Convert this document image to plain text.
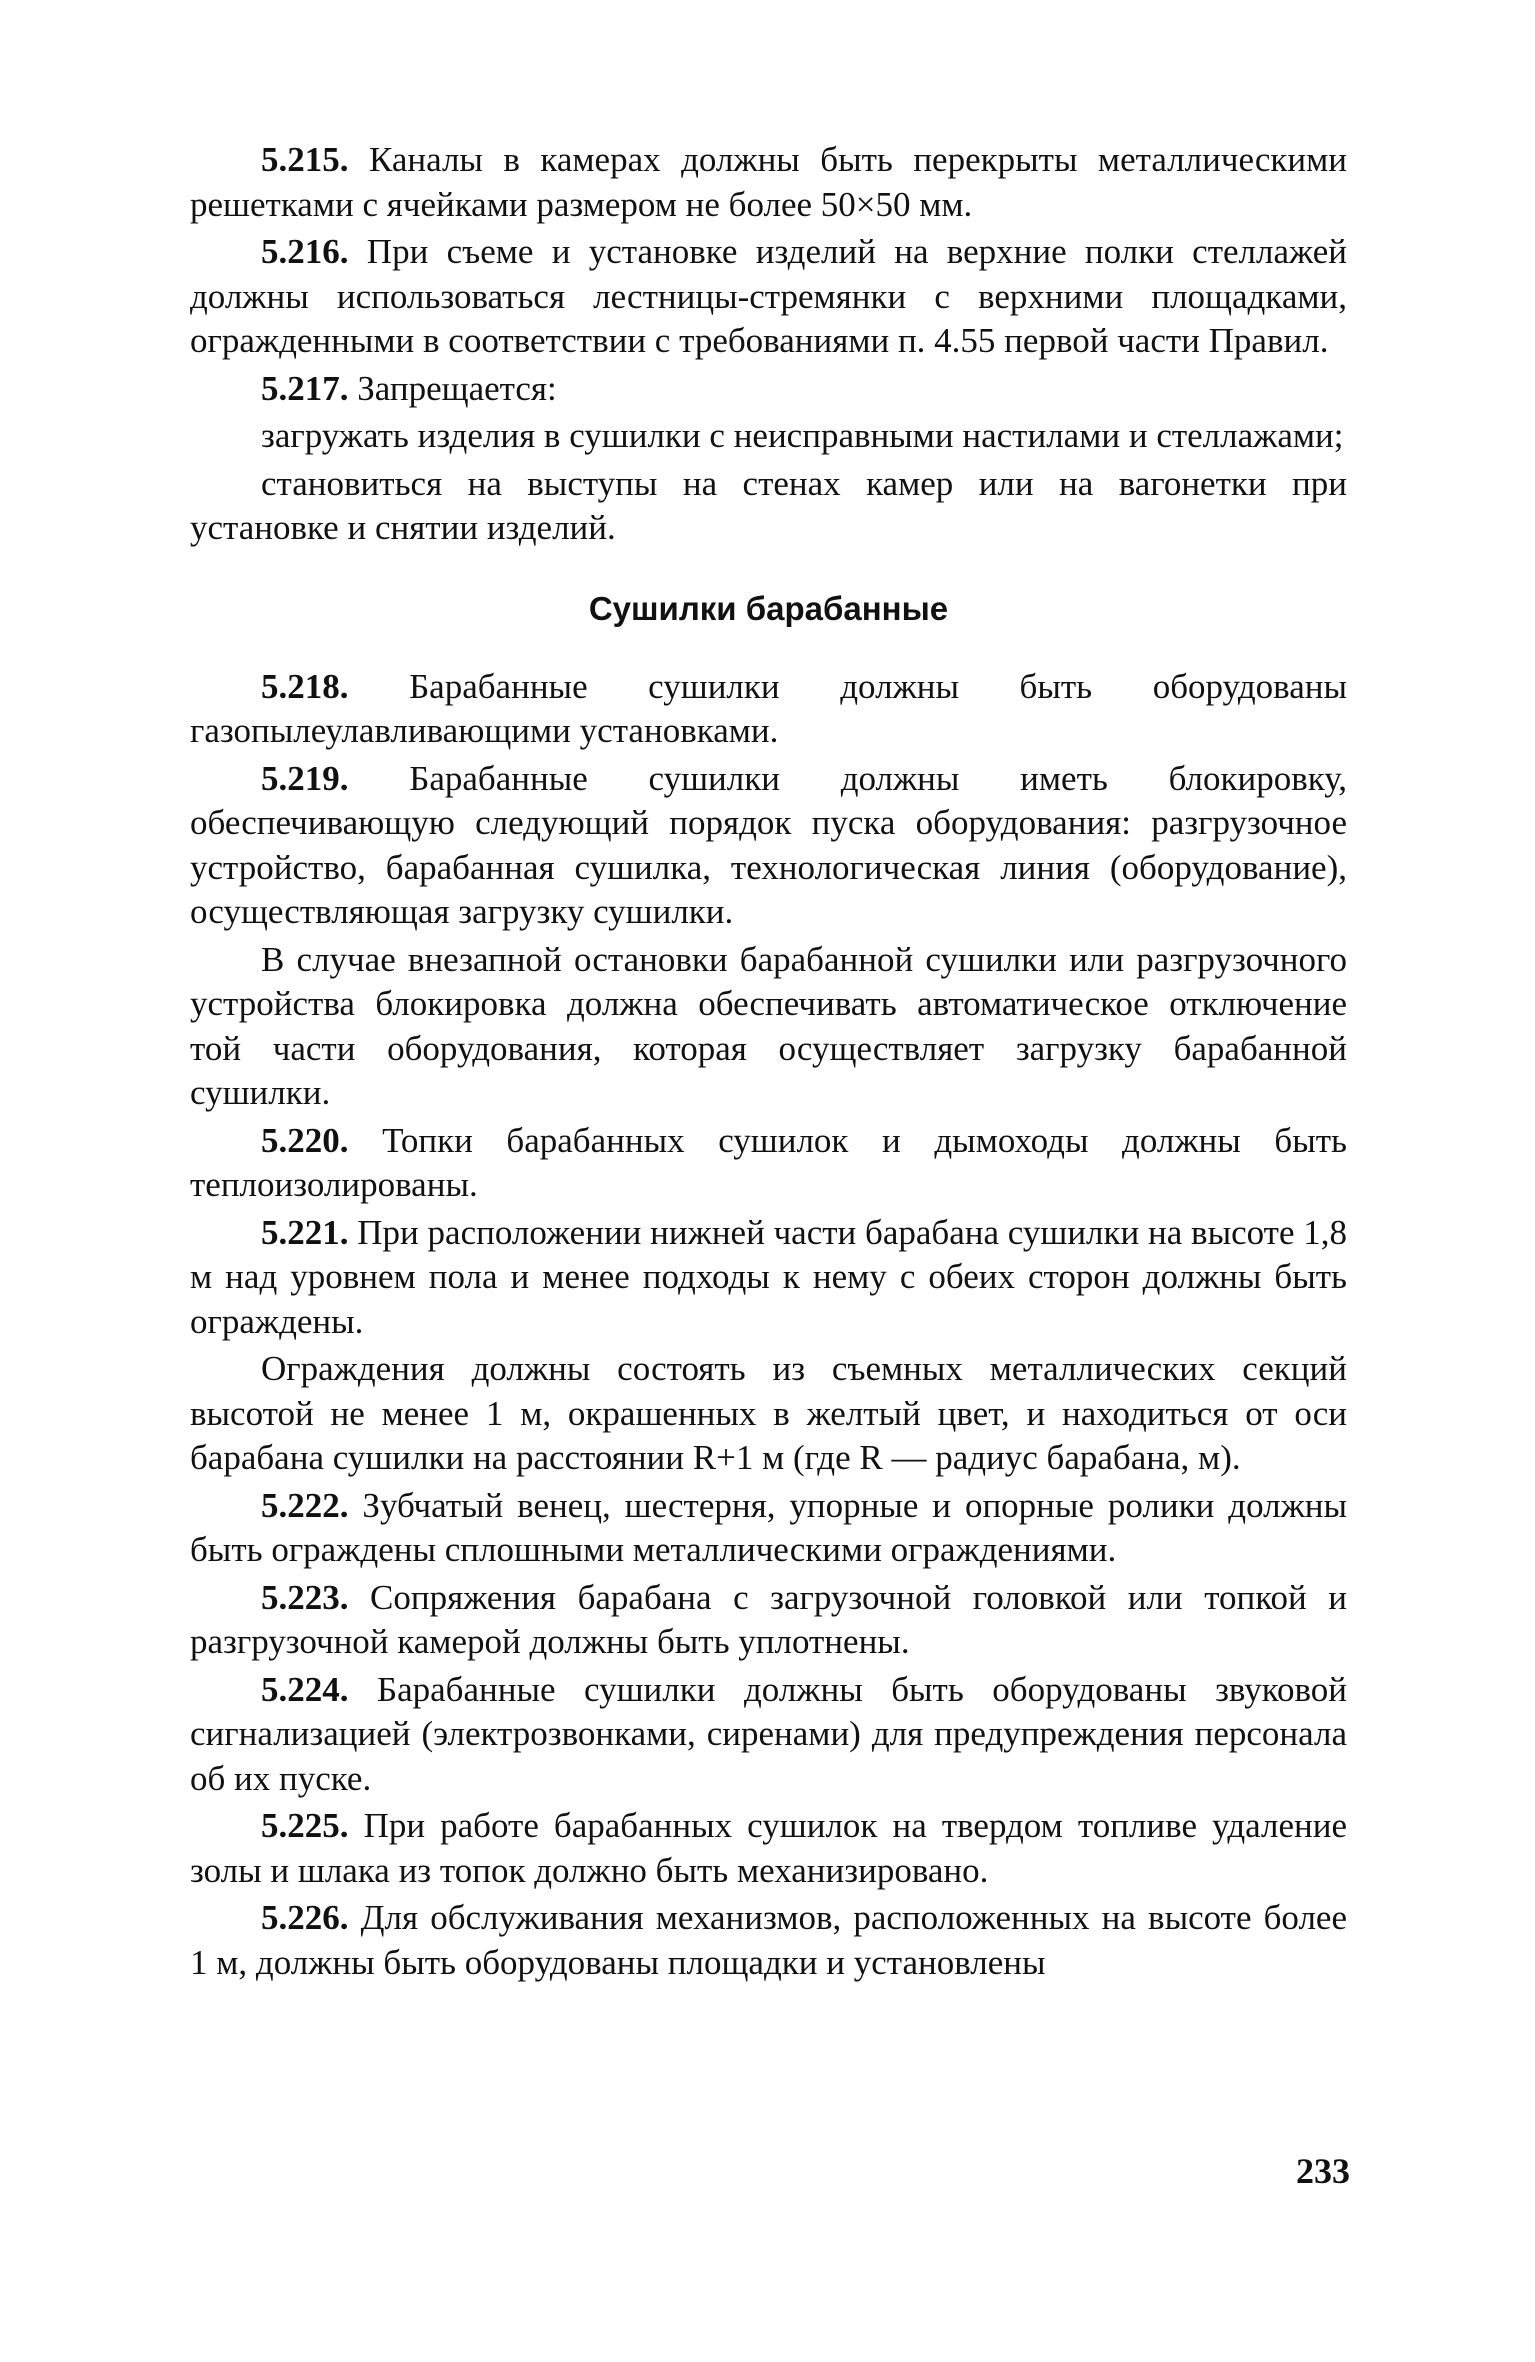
5.215. Каналы в камерах должны быть перекрыты металлическими решетками с ячейками размером не более 50×50 мм.

5.216. При съеме и установке изделий на верхние полки стеллажей должны использоваться лестницы-стремянки с верхними площадками, огражденными в соответствии с требованиями п. 4.55 первой части Правил.

5.217. Запрещается:

загружать изделия в сушилки с неисправными настилами и стеллажами;

становиться на выступы на стенах камер или на вагонетки при установке и снятии изделий.

Сушилки барабанные

5.218. Барабанные сушилки должны быть оборудованы газопылеулавливающими установками.

5.219. Барабанные сушилки должны иметь блокировку, обеспечивающую следующий порядок пуска оборудования: разгрузочное устройство, барабанная сушилка, технологическая линия (оборудование), осуществляющая загрузку сушилки.

В случае внезапной остановки барабанной сушилки или разгрузочного устройства блокировка должна обеспечивать автоматическое отключение той части оборудования, которая осуществляет загрузку барабанной сушилки.

5.220. Топки барабанных сушилок и дымоходы должны быть теплоизолированы.

5.221. При расположении нижней части барабана сушилки на высоте 1,8 м над уровнем пола и менее подходы к нему с обеих сторон должны быть ограждены.

Ограждения должны состоять из съемных металлических секций высотой не менее 1 м, окрашенных в желтый цвет, и находиться от оси барабана сушилки на расстоянии R+1 м (где R — радиус барабана, м).

5.222. Зубчатый венец, шестерня, упорные и опорные ролики должны быть ограждены сплошными металлическими ограждениями.

5.223. Сопряжения барабана с загрузочной головкой или топкой и разгрузочной камерой должны быть уплотнены.

5.224. Барабанные сушилки должны быть оборудованы звуковой сигнализацией (электрозвонками, сиренами) для предупреждения персонала об их пуске.

5.225. При работе барабанных сушилок на твердом топливе удаление золы и шлака из топок должно быть механизировано.

5.226. Для обслуживания механизмов, расположенных на высоте более 1 м, должны быть оборудованы площадки и установлены

233
